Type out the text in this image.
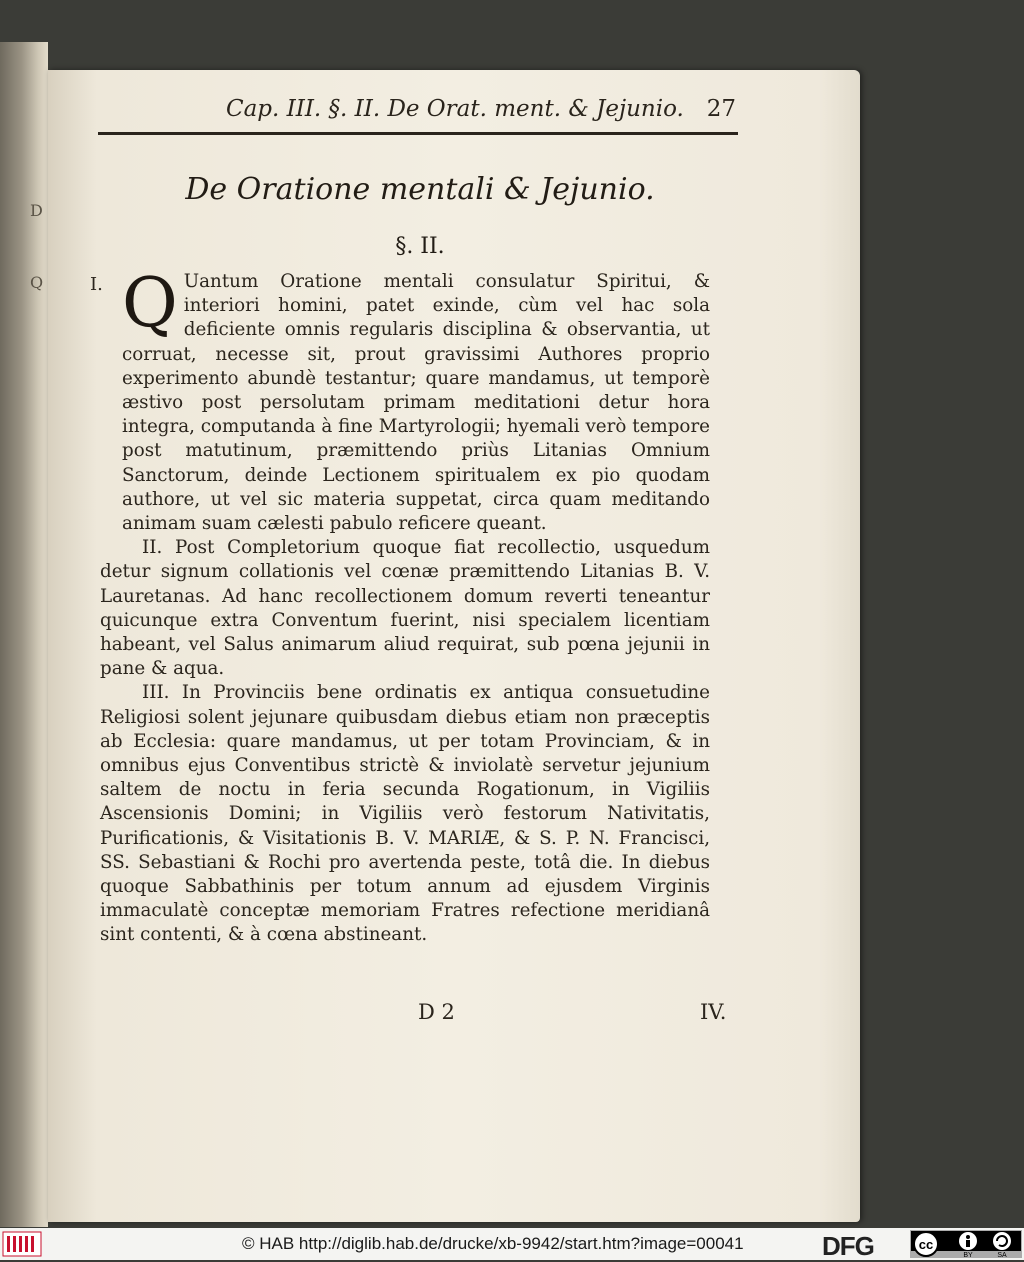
Q
D
Cap. III. §. II. De Orat. ment. & Jejunio. 27
De Oratione mentali & Jejunio.
§. II.
I. Q Uantum Oratione mentali consulatur Spiritui, & interiori homini, patet exinde, cùm vel hac sola deficiente omnis regularis disciplina & observantia, ut corruat, necesse sit, prout gravissimi Authores proprio experimento abundè testantur; quare mandamus, ut temporè æstivo post persolutam primam meditationi detur hora integra, computanda à fine Martyrologii; hyemali verò tempore post matutinum, præmittendo priùs Litanias Omnium Sanctorum, deinde Lectionem spiritualem ex pio quodam authore, ut vel sic materia suppetat, circa quam meditando animam suam cælesti pabulo reficere queant.

II. Post Completorium quoque fiat recollectio, usquedum detur signum collationis vel cœnæ præmittendo Litanias B. V. Lauretanas. Ad hanc recollectionem domum reverti teneantur quicunque extra Conventum fuerint, nisi specialem licentiam habeant, vel Salus animarum aliud requirat, sub pœna jejunii in pane & aqua.

III. In Provinciis bene ordinatis ex antiqua consuetudine Religiosi solent jejunare quibusdam diebus etiam non præceptis ab Ecclesia: quare mandamus, ut per totam Provinciam, & in omnibus ejus Conventibus strictè & inviolatè servetur jejunium saltem de noctu in feria secunda Rogationum, in Vigiliis Ascensionis Domini; in Vigiliis verò festorum Nativitatis, Purificationis, & Visitationis B. V. MARIÆ, & S. P. N. Francisci, SS. Sebastiani & Rochi pro avertenda peste, totâ die. In diebus quoque Sabbathinis per totum annum ad ejusdem Virginis immaculatè conceptæ memoriam Fratres refectione meridianâ sint contenti, & à cœna abstineant.

D 2	IV.
© HAB http://diglib.hab.de/drucke/xb-9942/start.htm?image=00041	DFG	cc
BY	SA
